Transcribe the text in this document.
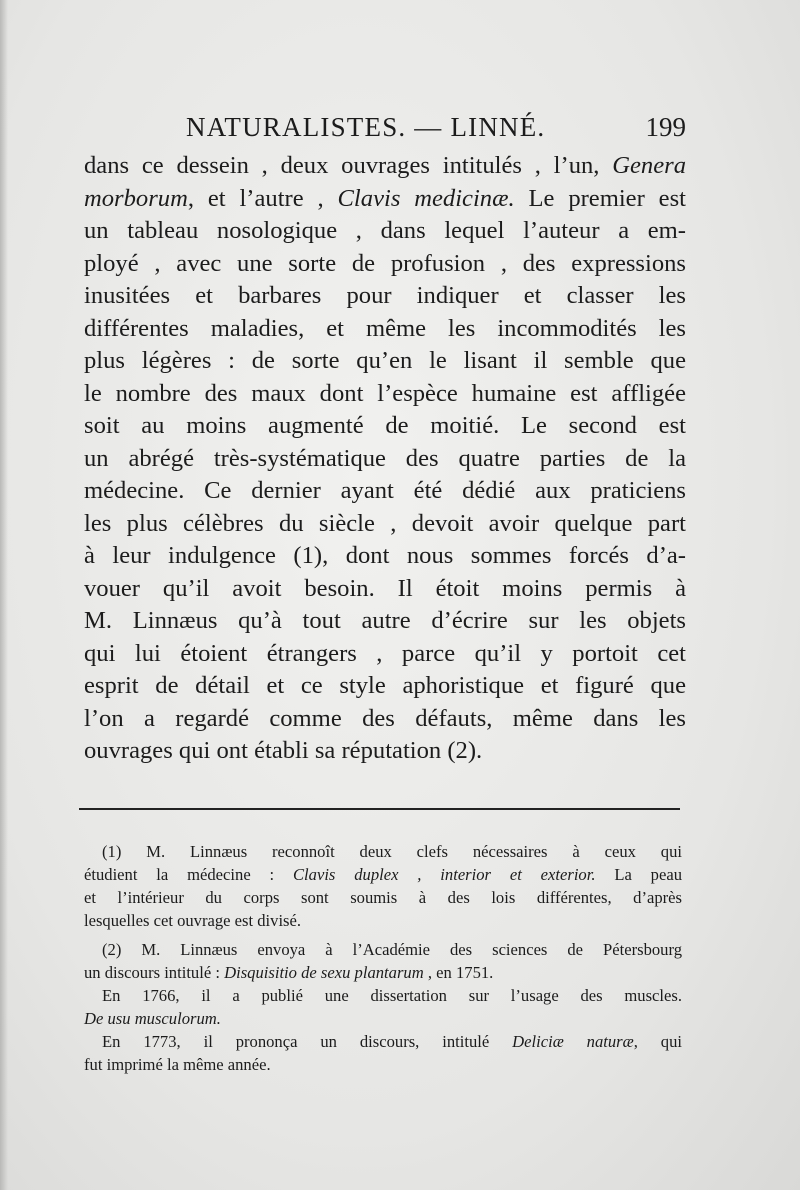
NATURALISTES. — LINNÉ.	199
dans ce dessein , deux ouvrages intitulés , l’un, Genera
morborum, et l’autre , Clavis medicinæ. Le premier est
un tableau nosologique , dans lequel l’auteur a em-
ployé , avec une sorte de profusion , des expressions
inusitées et barbares pour indiquer et classer les
différentes maladies, et même les incommodités les
plus légères : de sorte qu’en le lisant il semble que
le nombre des maux dont l’espèce humaine est affligée
soit au moins augmenté de moitié. Le second est
un abrégé très-systématique des quatre parties de la
médecine. Ce dernier ayant été dédié aux praticiens
les plus célèbres du siècle , devoit avoir quelque part
à leur indulgence (1), dont nous sommes forcés d’a-
vouer qu’il avoit besoin. Il étoit moins permis à
M. Linnæus qu’à tout autre d’écrire sur les objets
qui lui étoient étrangers , parce qu’il y portoit cet
esprit de détail et ce style aphoristique et figuré que
l’on a regardé comme des défauts, même dans les
ouvrages qui ont établi sa réputation (2).
(1) M. Linnæus reconnoît deux clefs nécessaires à ceux qui
étudient la médecine : Clavis duplex , interior et exterior. La peau
et l’intérieur du corps sont soumis à des lois différentes, d’après
lesquelles cet ouvrage est divisé.
(2) M. Linnæus envoya à l’Académie des sciences de Pétersbourg
un discours intitulé : Disquisitio de sexu plantarum , en 1751.
En 1766, il a publié une dissertation sur l’usage des muscles.
De usu musculorum.
En 1773, il prononça un discours, intitulé Deliciæ naturæ, qui
fut imprimé la même année.
